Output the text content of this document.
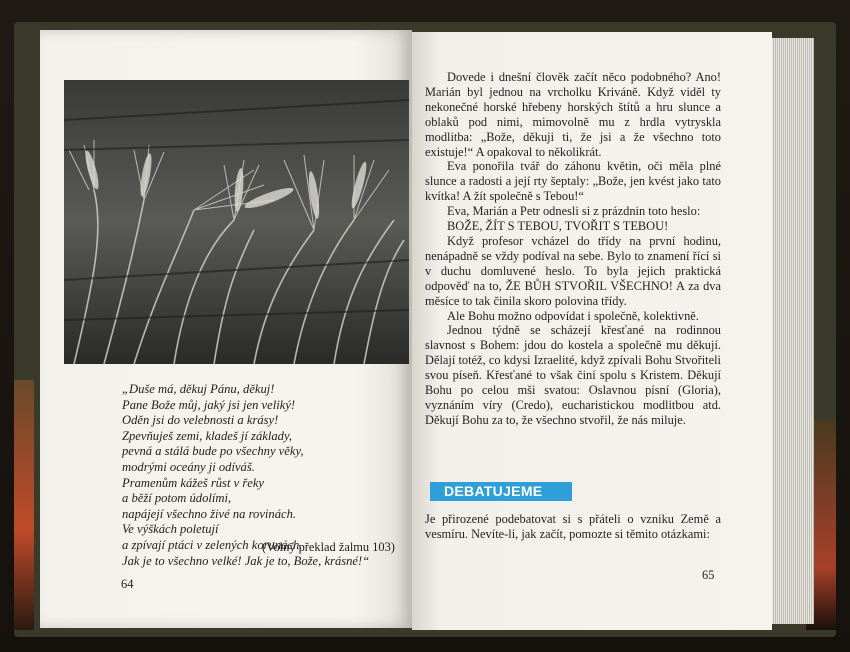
„Duše má, děkuj Pánu, děkuj!
Pane Bože můj, jaký jsi jen veliký!
Oděn jsi do velebnosti a krásy!
Zpevňuješ zemi, kladeš jí základy,
pevná a stálá bude po všechny věky,
modrými oceány ji odíváš.
Pramenům kážeš růst v řeky
a běží potom údolími,
napájejí všechno živé na rovinách.
Ve výškách poletují
a zpívají ptáci v zelených korunách.
Jak je to všechno velké! Jak je to, Bože, krásné!“
(Volný překlad žalmu 103)
64

Dovede i dnešní člověk začít něco podobného? Ano! Marián byl jednou na vrcholku Kriváně. Když viděl ty nekonečné horské hřebeny horských štítů a hru slunce a oblaků pod nimi, mimovolně mu z hrdla vytryskla modlitba: „Bože, děkuji ti, že jsi a že všechno toto existuje!“ A opakoval to několikrát.

Eva ponořila tvář do záhonu květin, oči měla plné slunce a radosti a její rty šeptaly: „Bože, jen kvést jako tato kvítka! A žít společně s Tebou!“

Eva, Marián a Petr odnesli si z prázdnin toto heslo:

BOŽE, ŽÍT S TEBOU, TVOŘIT S TEBOU!

Když profesor vcházel do třídy na první hodinu, nenápadně se vždy podíval na sebe. Bylo to znamení řící si v duchu domluvené heslo. To byla jejich praktická odpověď na to, ŽE BŮH STVOŘIL VŠECHNO! A za dva měsíce to tak činila skoro polovina třídy.

Ale Bohu možno odpovídat i společně, kolektivně.

Jednou týdně se scházejí křesťané na rodinnou slavnost s Bohem: jdou do kostela a společně mu děkují. Dělají totéž, co kdysi Izraelité, když zpívali Bohu Stvořiteli svou píseň. Křesťané to však činí spolu s Kristem. Děkují Bohu po celou mši svatou: Oslavnou písní (Gloria), vyznáním víry (Credo), eucharistickou modlitbou atd. Děkují Bohu za to, že všechno stvořil, že nás miluje.

DEBATUJEME

Je přirozené podebatovat si s přáteli o vzniku Země a vesmíru. Nevíte-li, jak začít, pomozte si těmito otázkami:

65
